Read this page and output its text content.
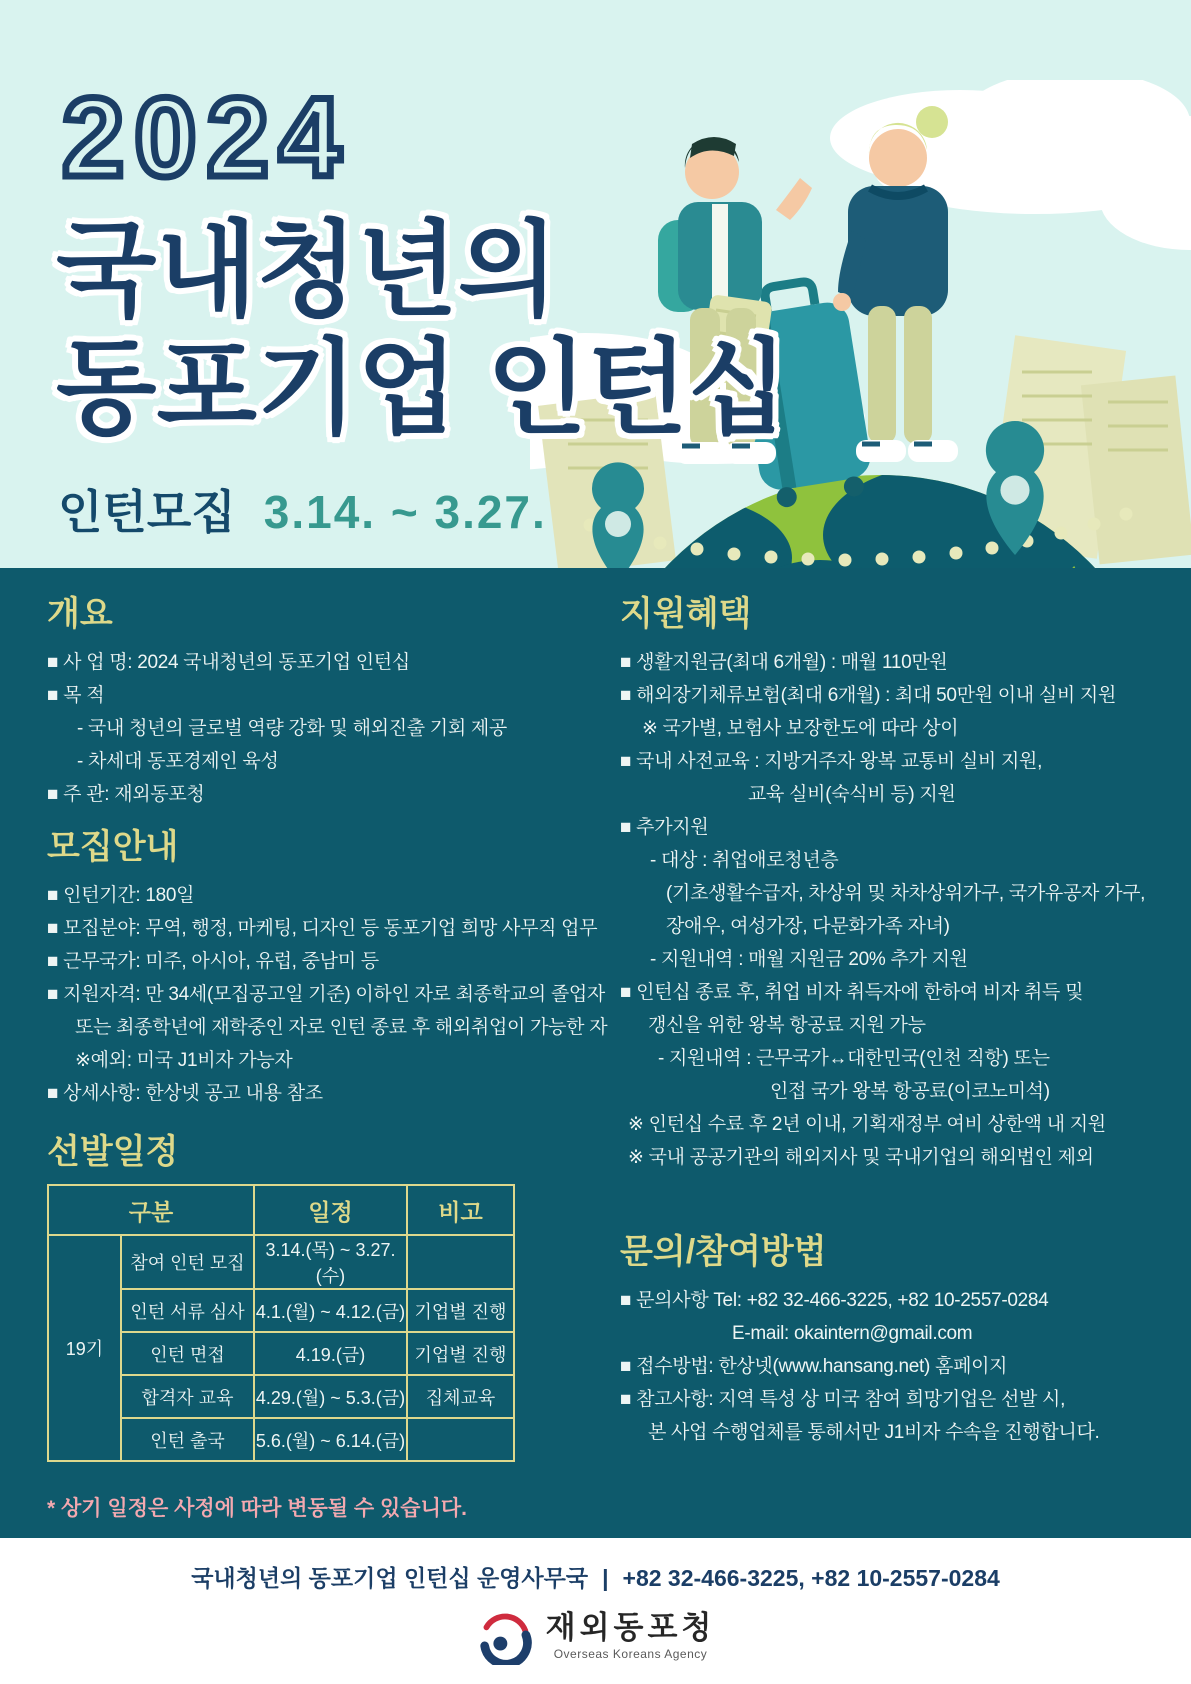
2024
국내청년의
동포기업 인턴십
인턴모집 3.14. ~ 3.27.
개요

■ 사 업 명: 2024 국내청년의 동포기업 인턴십

■ 목 적

- 국내 청년의 글로벌 역량 강화 및 해외진출 기회 제공

- 차세대 동포경제인 육성

■ 주 관: 재외동포청

모집안내

■ 인턴기간: 180일

■ 모집분야: 무역, 행정, 마케팅, 디자인 등 동포기업 희망 사무직 업무

■ 근무국가: 미주, 아시아, 유럽, 중남미 등

■ 지원자격: 만 34세(모집공고일 기준) 이하인 자로 최종학교의 졸업자

또는 최종학년에 재학중인 자로 인턴 종료 후 해외취업이 가능한 자

※예외: 미국 J1비자 가능자

■ 상세사항: 한상넷 공고 내용 참조

선발일정
구분		일정	비고
19기	참여 인턴 모집	3.14.(목) ~ 3.27.(수)	
	인턴 서류 심사	4.1.(월) ~ 4.12.(금)	기업별 진행
	인턴 면접	4.19.(금)	기업별 진행
	합격자 교육	4.29.(월) ~ 5.3.(금)	집체교육
	인턴 출국	5.6.(월) ~ 6.14.(금)	

* 상기 일정은 사정에 따라 변동될 수 있습니다.

지원혜택

■ 생활지원금(최대 6개월) : 매월 110만원

■ 해외장기체류보험(최대 6개월) : 최대 50만원 이내 실비 지원

※ 국가별, 보험사 보장한도에 따라 상이

■ 국내 사전교육 : 지방거주자 왕복 교통비 실비 지원,

교육 실비(숙식비 등) 지원

■ 추가지원

- 대상 : 취업애로청년층

(기초생활수급자, 차상위 및 차차상위가구, 국가유공자 가구,

장애우, 여성가장, 다문화가족 자녀)

- 지원내역 : 매월 지원금 20% 추가 지원

■ 인턴십 종료 후, 취업 비자 취득자에 한하여 비자 취득 및

갱신을 위한 왕복 항공료 지원 가능

- 지원내역 : 근무국가↔대한민국(인천 직항) 또는

인접 국가 왕복 항공료(이코노미석)

※ 인턴십 수료 후 2년 이내, 기획재정부 여비 상한액 내 지원

※ 국내 공공기관의 해외지사 및 국내기업의 해외법인 제외

문의/참여방법

■ 문의사항 Tel: +82 32-466-3225, +82 10-2557-0284

E-mail: okaintern@gmail.com

■ 접수방법: 한상넷(www.hansang.net) 홈페이지

■ 참고사항: 지역 특성 상 미국 참여 희망기업은 선발 시,

본 사업 수행업체를 통해서만 J1비자 수속을 진행합니다.

국내청년의 동포기업 인턴십 운영사무국 | +82 32-466-3225, +82 10-2557-0284
재외동포청
Overseas Koreans Agency
